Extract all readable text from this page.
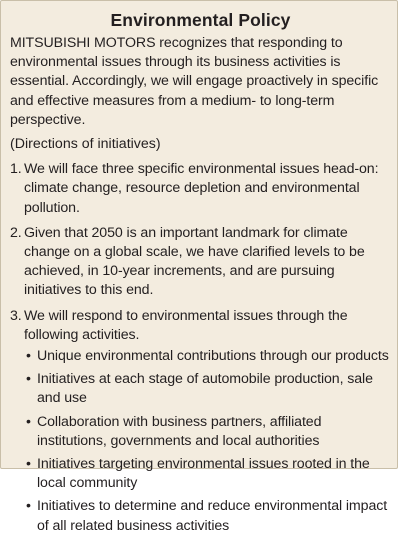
Environmental Policy

MITSUBISHI MOTORS recognizes that responding to environmental issues through its business activities is essential. Accordingly, we will engage proactively in specific and effective measures from a medium- to long-term perspective.

(Directions of initiatives)
1. We will face three specific environmental issues head-on: climate change, resource depletion and environmental pollution.
2. Given that 2050 is an important landmark for climate change on a global scale, we have clarified levels to be achieved, in 10-year increments, and are pursuing initiatives to this end.
3. We will respond to environmental issues through the following activities.
• Unique environmental contributions through our products
• Initiatives at each stage of automobile production, sale and use
• Collaboration with business partners, affiliated institutions, governments and local authorities
• Initiatives targeting environmental issues rooted in the local community
• Initiatives to determine and reduce environmental impact of all related business activities
